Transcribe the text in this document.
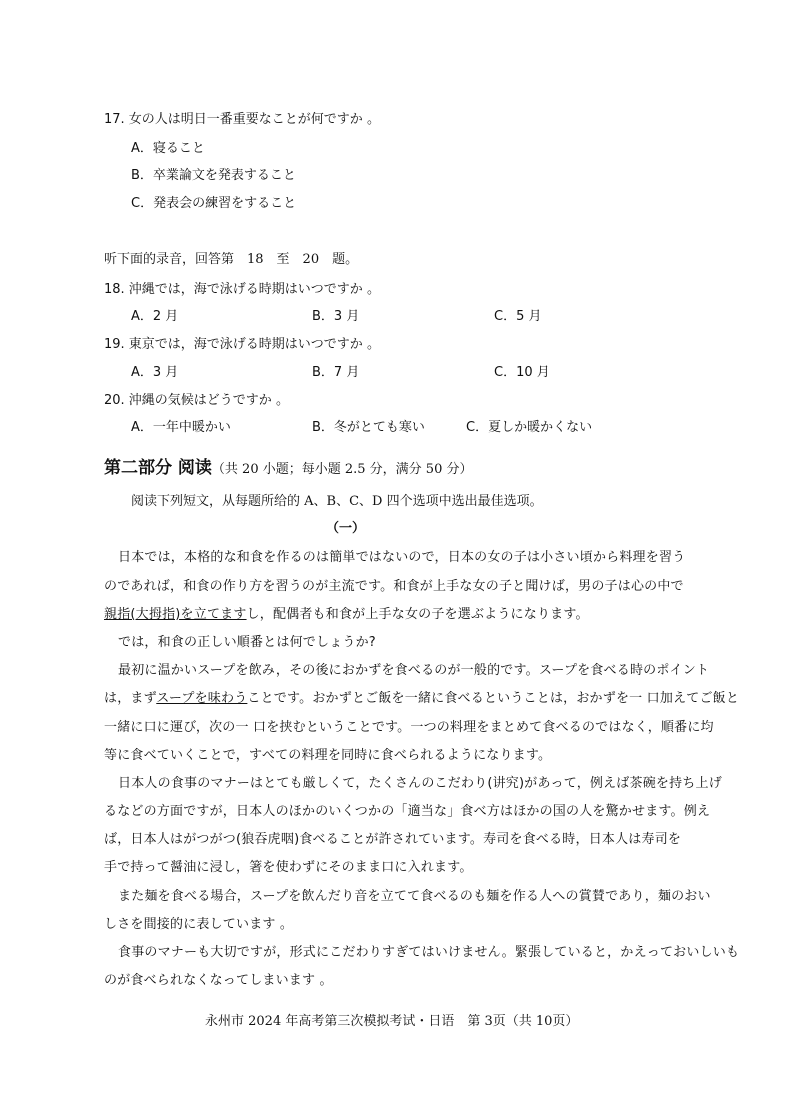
17. 女の人は明日一番重要なことが何ですか 。
A．寝ること
B．卒業論文を発表すること
C．発表会の練習をすること
听下面的录音，回答第　18　至　20　题。
18. 沖縄では，海で泳げる時期はいつですか 。
A．2 月	B．3 月	C．5 月
19. 東京では，海で泳げる時期はいつですか 。
A．3 月	B．7 月	C．10 月
20. 沖縄の気候はどうですか 。
A．一年中暖かい	B．冬がとても寒い	C．夏しか暖かくない
第二部分 阅读（共 20 小题；每小题 2.5 分，满分 50 分）
阅读下列短文，从每题所给的 A、B、C、D 四个选项中选出最佳选项。
（一）
日本では，本格的な和食を作るのは簡単ではないので，日本の女の子は小さい頃から料理を習う
のであれば，和食の作り方を習うのが主流です。和食が上手な女の子と聞けば，男の子は心の中で
親指(大拇指)を立てますし，配偶者も和食が上手な女の子を選ぶようになります。
では，和食の正しい順番とは何でしょうか?
最初に温かいスープを飲み，その後におかずを食べるのが一般的です。スープを食べる時のポイント
は，まずスープを味わうことです。おかずとご飯を一緒に食べるということは，おかずを一 口加えてご飯と
一緒に口に運び，次の一 口を挟むということです。一つの料理をまとめて食べるのではなく，順番に均
等に食べていくことで，すべての料理を同時に食べられるようになります。
日本人の食事のマナーはとても厳しくて，たくさんのこだわり(讲究)があって，例えば茶碗を持ち上げ
るなどの方面ですが，日本人のほかのいくつかの「適当な」食べ方はほかの国の人を驚かせます。例え
ば，日本人はがつがつ(狼吞虎咽)食べることが許されています。寿司を食べる時，日本人は寿司を
手で持って醤油に浸し，箸を使わずにそのまま口に入れます。
また麺を食べる場合，スープを飲んだり音を立てて食べるのも麺を作る人への賞賛であり，麺のおい
しさを間接的に表しています 。
食事のマナーも大切ですが，形式にこだわりすぎてはいけません。緊張していると，かえっておいしいも
のが食べられなくなってしまいます 。
永州市 2024 年高考第三次模拟考试・日语　第 3页（共 10页）
